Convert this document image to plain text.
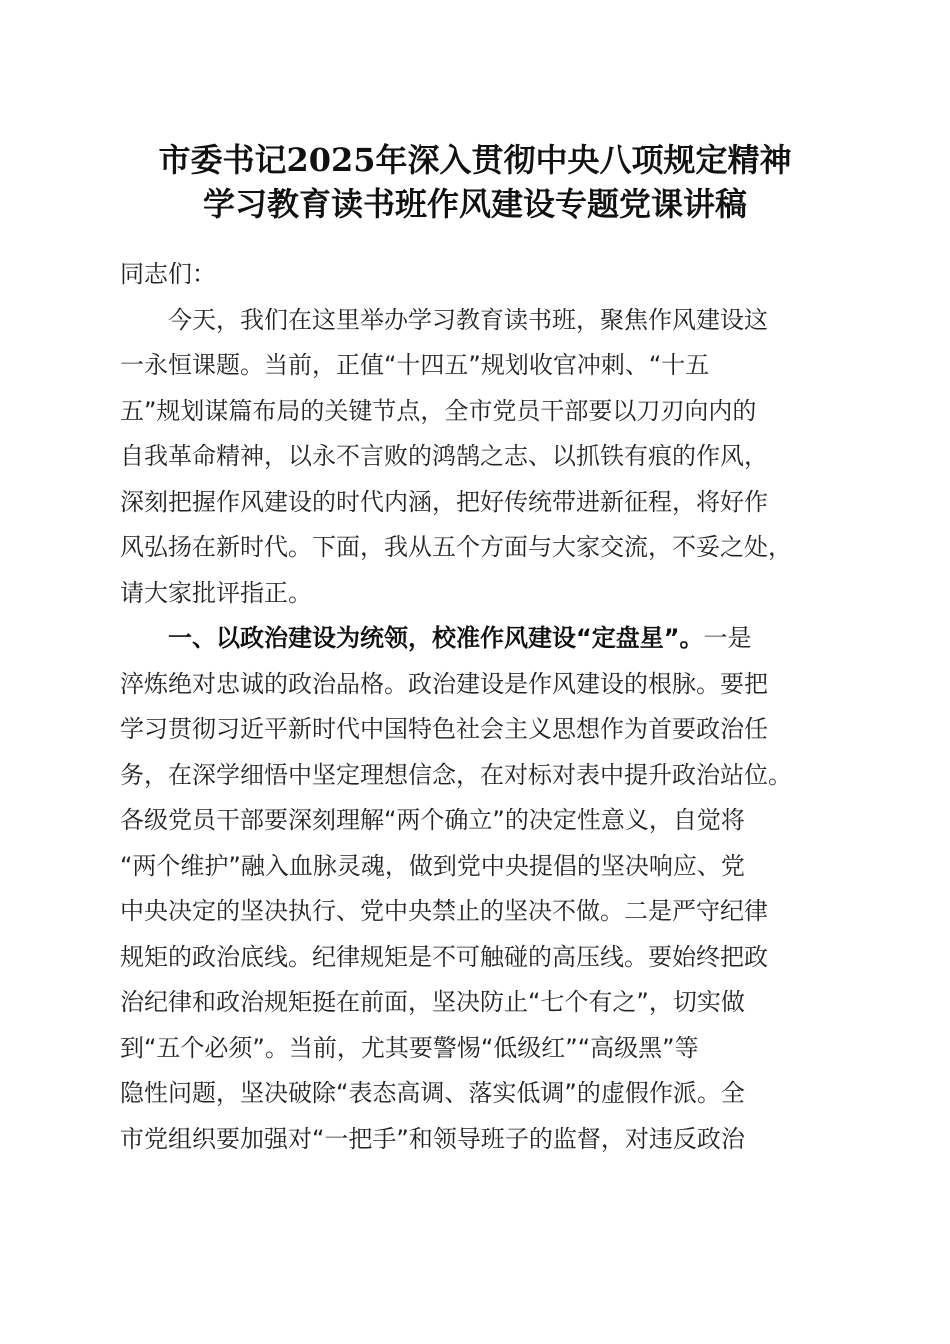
市委书记2025年深入贯彻中央八项规定精神
学习教育读书班作风建设专题党课讲稿
同志们：
今天，我们在这里举办学习教育读书班，聚焦作风建设这
一永恒课题。当前，正值“十四五”规划收官冲刺、“十五
五”规划谋篇布局的关键节点，全市党员干部要以刀刃向内的
自我革命精神，以永不言败的鸿鹄之志、以抓铁有痕的作风，
深刻把握作风建设的时代内涵，把好传统带进新征程，将好作
风弘扬在新时代。下面，我从五个方面与大家交流，不妥之处，
请大家批评指正。
一、以政治建设为统领，校准作风建设“定盘星”。一是
淬炼绝对忠诚的政治品格。政治建设是作风建设的根脉。要把
学习贯彻习近平新时代中国特色社会主义思想作为首要政治任
务，在深学细悟中坚定理想信念，在对标对表中提升政治站位。
各级党员干部要深刻理解“两个确立”的决定性意义，自觉将
“两个维护”融入血脉灵魂，做到党中央提倡的坚决响应、党
中央决定的坚决执行、党中央禁止的坚决不做。二是严守纪律
规矩的政治底线。纪律规矩是不可触碰的高压线。要始终把政
治纪律和政治规矩挺在前面，坚决防止“七个有之”，切实做
到“五个必须”。当前，尤其要警惕“低级红”“高级黑”等
隐性问题，坚决破除“表态高调、落实低调”的虚假作派。全
市党组织要加强对“一把手”和领导班子的监督，对违反政治
